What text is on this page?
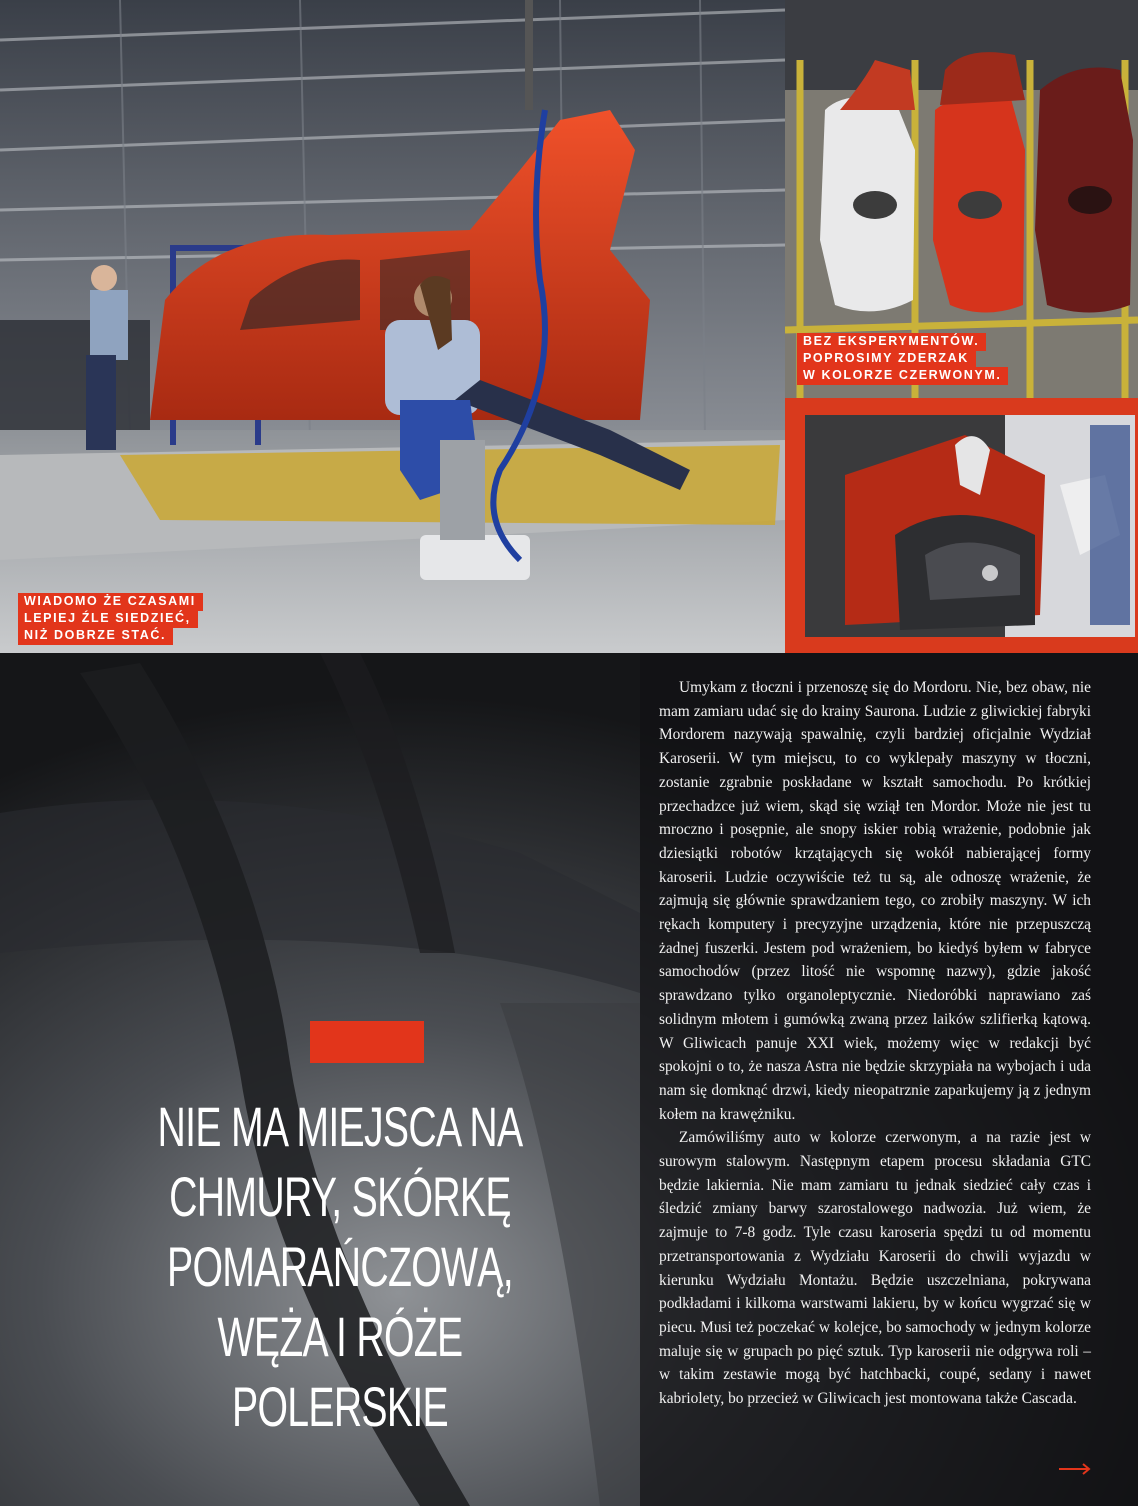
WIADOMO ŻE CZASAMI
LEPIEJ ŹLE SIEDZIEĆ,
NIŻ DOBRZE STAĆ.
BEZ EKSPERYMENTÓW.
POPROSIMY ZDERZAK
W KOLORZE CZERWONYM.
NIE MA MIEJSCA NA
CHMURY, SKÓRKĘ
POMARAŃCZOWĄ,
WĘŻA I RÓŻE
POLERSKIE

Umykam z tłoczni i przenoszę się do Mordoru. Nie, bez obaw, nie mam zamiaru udać się do krainy Saurona. Ludzie z gliwickiej fabryki Mordorem nazywają spawalnię, czyli bardziej oficjalnie Wydział Karoserii. W tym miejscu, to co wyklepały maszyny w tłoczni, zostanie zgrabnie poskładane w kształt samochodu. Po krótkiej przechadzce już wiem, skąd się wziął ten Mordor. Może nie jest tu mroczno i posępnie, ale snopy iskier robią wrażenie, podobnie jak dziesiątki robotów krzątających się wokół nabierającej formy karoserii. Ludzie oczywiście też tu są, ale odnoszę wrażenie, że zajmują się głównie sprawdzaniem tego, co zrobiły maszyny. W ich rękach komputery i precyzyjne urządzenia, które nie przepuszczą żadnej fuszerki. Jestem pod wrażeniem, bo kiedyś byłem w fabryce samochodów (przez litość nie wspomnę nazwy), gdzie jakość sprawdzano tylko organoleptycznie. Niedoróbki naprawiano zaś solidnym młotem i gumówką zwaną przez laików szlifierką kątową. W Gliwicach panuje XXI wiek, możemy więc w redakcji być spokojni o to, że nasza Astra nie będzie skrzypiała na wybojach i uda nam się domknąć drzwi, kiedy nieopatrznie zaparkujemy ją z jednym kołem na krawężniku.

Zamówiliśmy auto w kolorze czerwonym, a na razie jest w surowym stalowym. Następnym etapem procesu składania GTC będzie lakiernia. Nie mam zamiaru tu jednak siedzieć cały czas i śledzić zmiany barwy szarostalowego nadwozia. Już wiem, że zajmuje to 7-8 godz. Tyle czasu karoseria spędzi tu od momentu przetransportowania z Wydziału Karoserii do chwili wyjazdu w kierunku Wydziału Montażu. Będzie uszczelniana, pokrywana podkładami i kilkoma warstwami lakieru, by w końcu wygrzać się w piecu. Musi też poczekać w kolejce, bo samochody w jednym kolorze maluje się w grupach po pięć sztuk. Typ karoserii nie odgrywa roli – w takim zestawie mogą być hatchbacki, coupé, sedany i nawet kabriolety, bo przecież w Gliwicach jest montowana także Cascada.
